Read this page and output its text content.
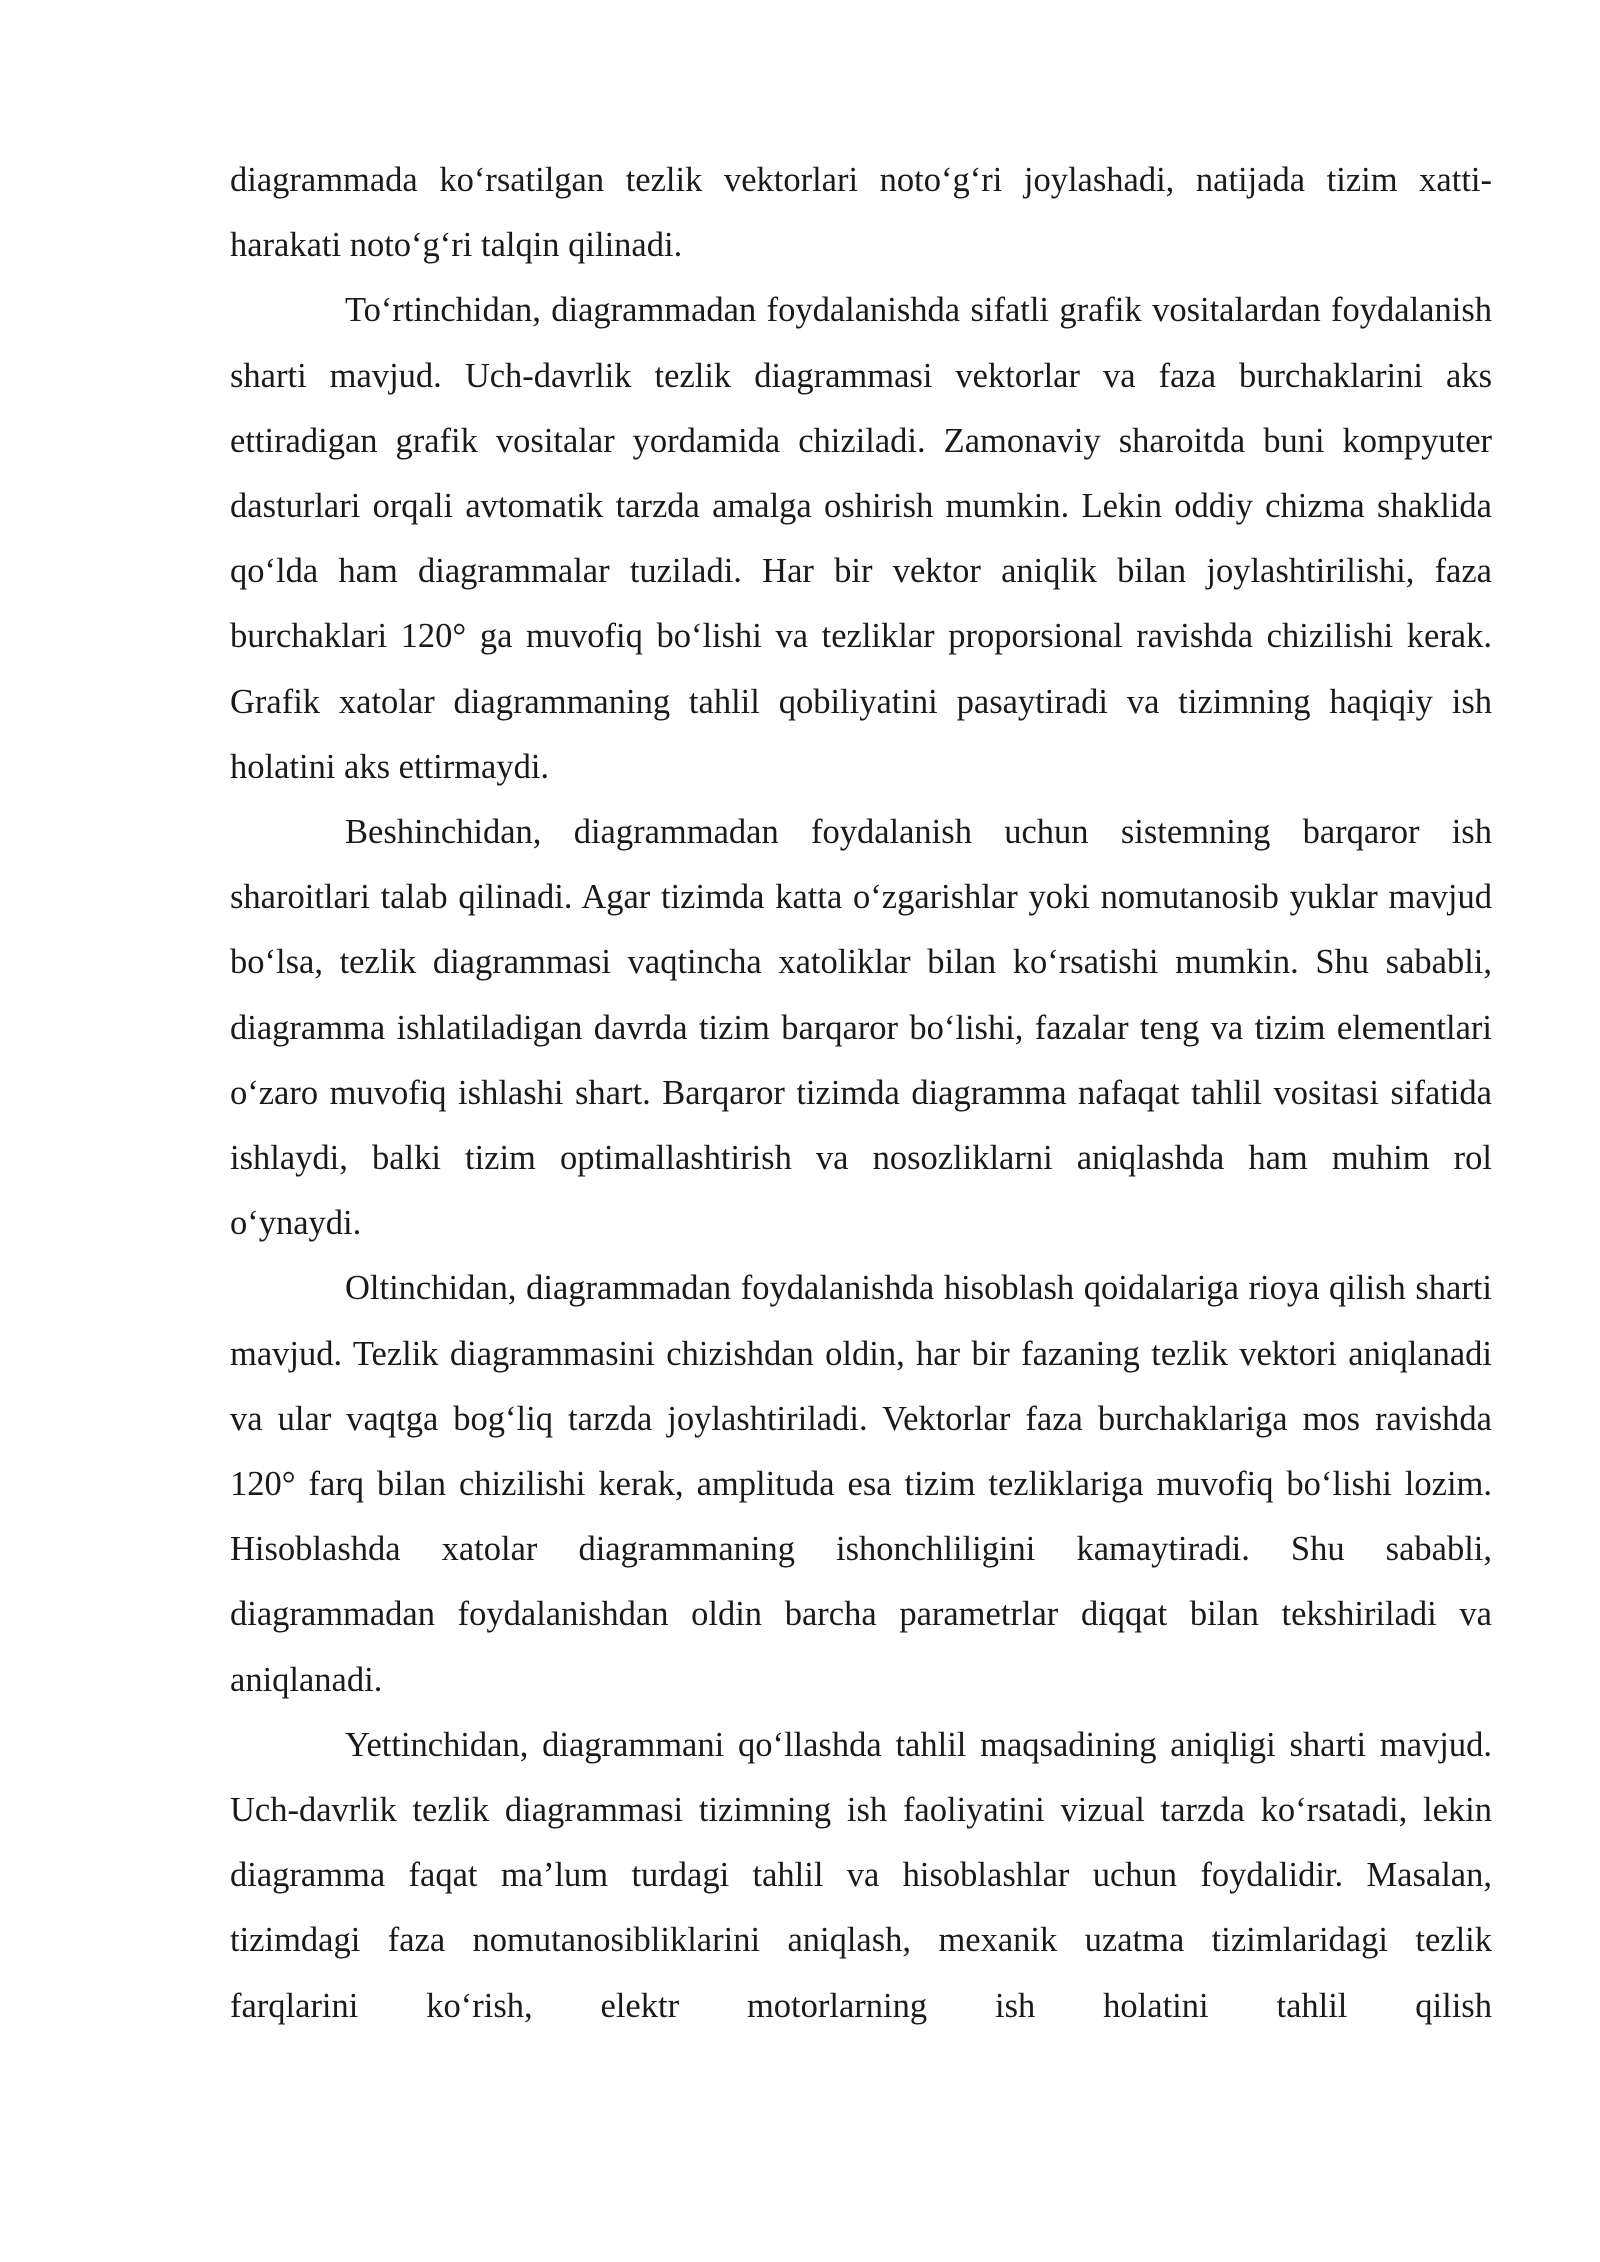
diagrammada ko‘rsatilgan tezlik vektorlari noto‘g‘ri joylashadi, natijada tizim xatti-harakati noto‘g‘ri talqin qilinadi.

To‘rtinchidan, diagrammadan foydalanishda sifatli grafik vositalardan foydalanish sharti mavjud. Uch-davrlik tezlik diagrammasi vektorlar va faza burchaklarini aks ettiradigan grafik vositalar yordamida chiziladi. Zamonaviy sharoitda buni kompyuter dasturlari orqali avtomatik tarzda amalga oshirish mumkin. Lekin oddiy chizma shaklida qo‘lda ham diagrammalar tuziladi. Har bir vektor aniqlik bilan joylashtirilishi, faza burchaklari 120° ga muvofiq bo‘lishi va tezliklar proporsional ravishda chizilishi kerak. Grafik xatolar diagrammaning tahlil qobiliyatini pasaytiradi va tizimning haqiqiy ish holatini aks ettirmaydi.

Beshinchidan, diagrammadan foydalanish uchun sistemning barqaror ish sharoitlari talab qilinadi. Agar tizimda katta o‘zgarishlar yoki nomutanosib yuklar mavjud bo‘lsa, tezlik diagrammasi vaqtincha xatoliklar bilan ko‘rsatishi mumkin. Shu sababli, diagramma ishlatiladigan davrda tizim barqaror bo‘lishi, fazalar teng va tizim elementlari o‘zaro muvofiq ishlashi shart. Barqaror tizimda diagramma nafaqat tahlil vositasi sifatida ishlaydi, balki tizim optimallashtirish va nosozliklarni aniqlashda ham muhim rol o‘ynaydi.

Oltinchidan, diagrammadan foydalanishda hisoblash qoidalariga rioya qilish sharti mavjud. Tezlik diagrammasini chizishdan oldin, har bir fazaning tezlik vektori aniqlanadi va ular vaqtga bog‘liq tarzda joylashtiriladi. Vektorlar faza burchaklariga mos ravishda 120° farq bilan chizilishi kerak, amplituda esa tizim tezliklariga muvofiq bo‘lishi lozim. Hisoblashda xatolar diagrammaning ishonchliligini kamaytiradi. Shu sababli, diagrammadan foydalanishdan oldin barcha parametrlar diqqat bilan tekshiriladi va aniqlanadi.

Yettinchidan, diagrammani qo‘llashda tahlil maqsadining aniqligi sharti mavjud. Uch-davrlik tezlik diagrammasi tizimning ish faoliyatini vizual tarzda ko‘rsatadi, lekin diagramma faqat ma’lum turdagi tahlil va hisoblashlar uchun foydalidir. Masalan, tizimdagi faza nomutanosibliklarini aniqlash, mexanik uzatma tizimlaridagi tezlik farqlarini ko‘rish, elektr motorlarning ish holatini tahlil qilish
